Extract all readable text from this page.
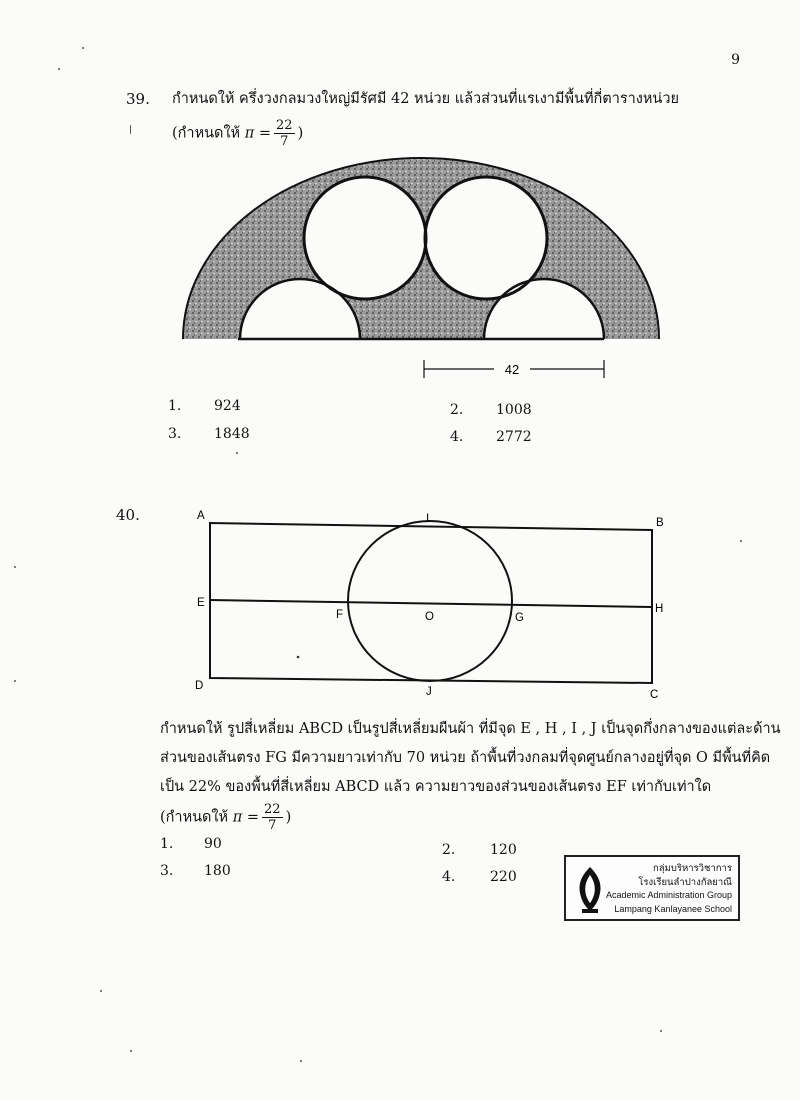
42
1. 924	2. 1008
3. 1848	4. 2772
40.	A
B
C
D
E	H
F	G
I
J
O
กำหนดให้ รูปสี่เหลี่ยม ABCD เป็นรูปสี่เหลี่ยมผืนผ้า ที่มีจุด E , H , I , J เป็นจุดกึ่งกลางของแต่ละด้าน
ส่วนของเส้นตรง FG มีความยาวเท่ากับ 70 หน่วย ถ้าพื้นที่วงกลมที่จุดศูนย์กลางอยู่ที่จุด O มีพื้นที่คิด
เป็น 22% ของพื้นที่สี่เหลี่ยม ABCD แล้ว ความยาวของส่วนของเส้นตรง EF เท่ากับเท่าใด
(กำหนดให้ $\pi = \frac{22}{7}$ )
1. 90	2. 120
3. 180	4. 220
กลุ่มบริหารวิชาการ
โรงเรียนลำปางกัลยาณี
Academic Administration Group
Lampang Kanlayanee School
